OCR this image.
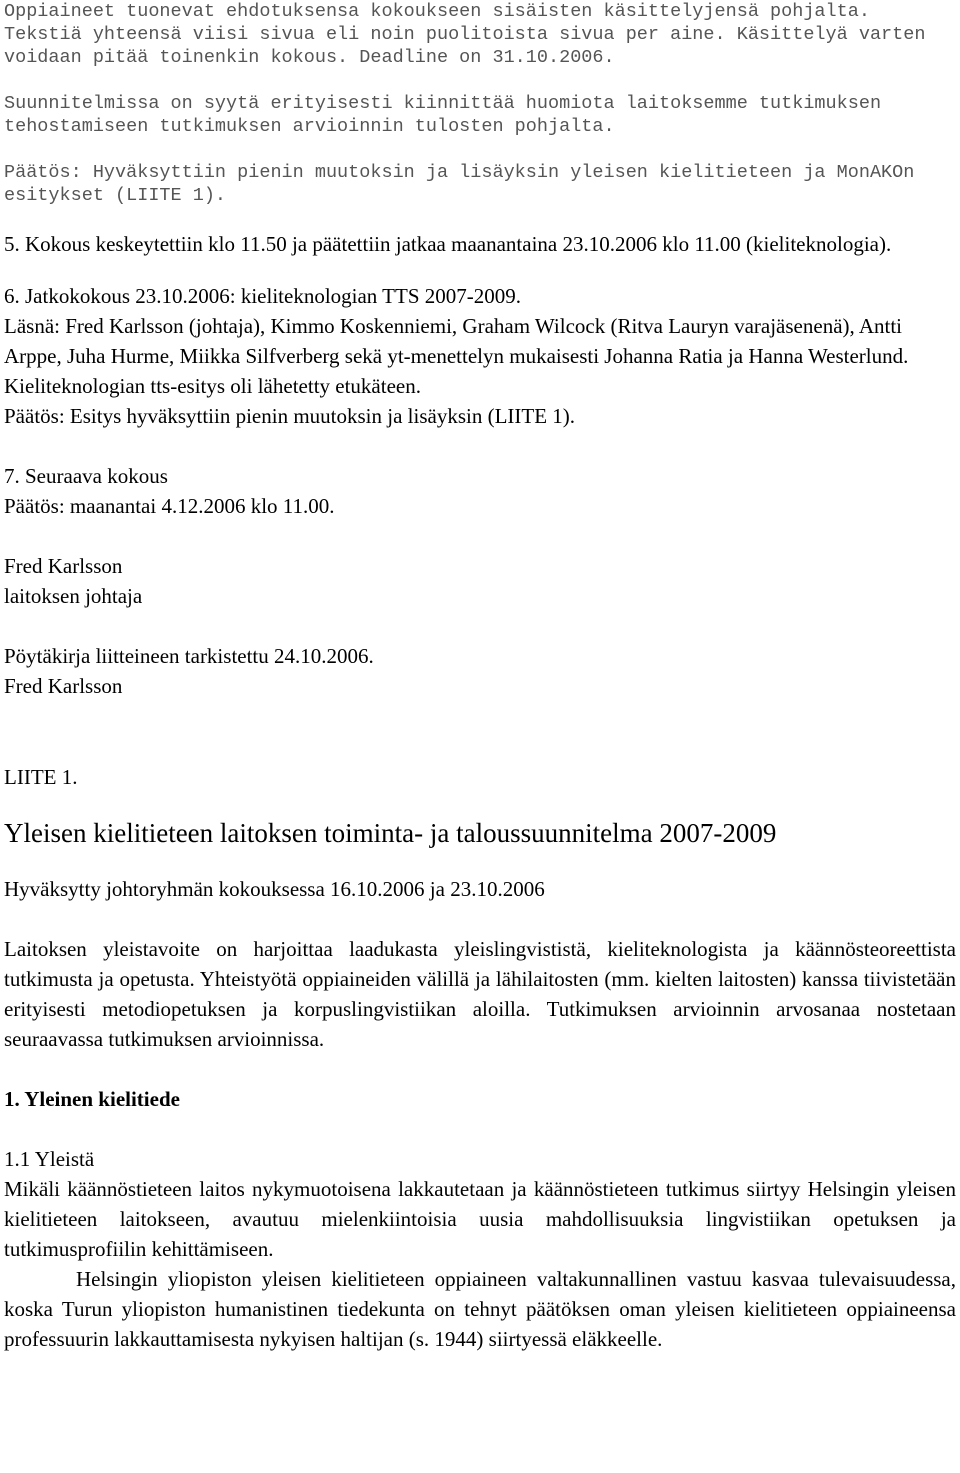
Oppiaineet tuonevat ehdotuksensa kokoukseen sisäisten käsittelyjensä pohjalta. Tekstiä yhteensä viisi sivua eli noin puolitoista sivua per aine. Käsittelyä varten voidaan pitää toinenkin kokous. Deadline on 31.10.2006.

Suunnitelmissa on syytä erityisesti kiinnittää huomiota laitoksemme tutkimuksen tehostamiseen tutkimuksen arvioinnin tulosten pohjalta.

Päätös: Hyväksyttiin pienin muutoksin ja lisäyksin yleisen kielitieteen ja MonAKOn esitykset (LIITE 1).

5. Kokous keskeytettiin klo 11.50 ja päätettiin jatkaa maanantaina 23.10.2006 klo 11.00 (kieliteknologia).

6. Jatkokokous 23.10.2006: kieliteknologian TTS 2007-2009.

Läsnä: Fred Karlsson (johtaja), Kimmo Koskenniemi, Graham Wilcock (Ritva Lauryn varajäsenenä), Antti Arppe, Juha Hurme, Miikka Silfverberg sekä yt-menettelyn mukaisesti Johanna Ratia ja Hanna Westerlund.

Kieliteknologian tts-esitys oli lähetetty etukäteen.

Päätös: Esitys hyväksyttiin pienin muutoksin ja lisäyksin (LIITE 1).

7. Seuraava kokous

Päätös: maanantai 4.12.2006 klo 11.00.

Fred Karlsson

laitoksen johtaja

Pöytäkirja liitteineen tarkistettu 24.10.2006.

Fred Karlsson

LIITE 1.

Yleisen kielitieteen laitoksen toiminta- ja taloussuunnitelma 2007-2009

Hyväksytty johtoryhmän kokouksessa 16.10.2006 ja 23.10.2006

Laitoksen yleistavoite on harjoittaa laadukasta yleislingvististä, kieliteknologista ja käännösteoreettista tutkimusta ja opetusta. Yhteistyötä oppiaineiden välillä ja lähilaitosten (mm. kielten laitosten) kanssa tiivistetään erityisesti metodiopetuksen ja korpuslingvistiikan aloilla. Tutkimuksen arvioinnin arvosanaa nostetaan seuraavassa tutkimuksen arvioinnissa.

1. Yleinen kielitiede

1.1 Yleistä

Mikäli käännöstieteen laitos nykymuotoisena lakkautetaan ja käännöstieteen tutkimus siirtyy Helsingin yleisen kielitieteen laitokseen, avautuu mielenkiintoisia uusia mahdollisuuksia lingvistiikan opetuksen ja tutkimusprofiilin kehittämiseen.

Helsingin yliopiston yleisen kielitieteen oppiaineen valtakunnallinen vastuu kasvaa tulevaisuudessa, koska Turun yliopiston humanistinen tiedekunta on tehnyt päätöksen oman yleisen kielitieteen oppiaineensa professuurin lakkauttamisesta nykyisen haltijan (s. 1944) siirtyessä eläkkeelle.
